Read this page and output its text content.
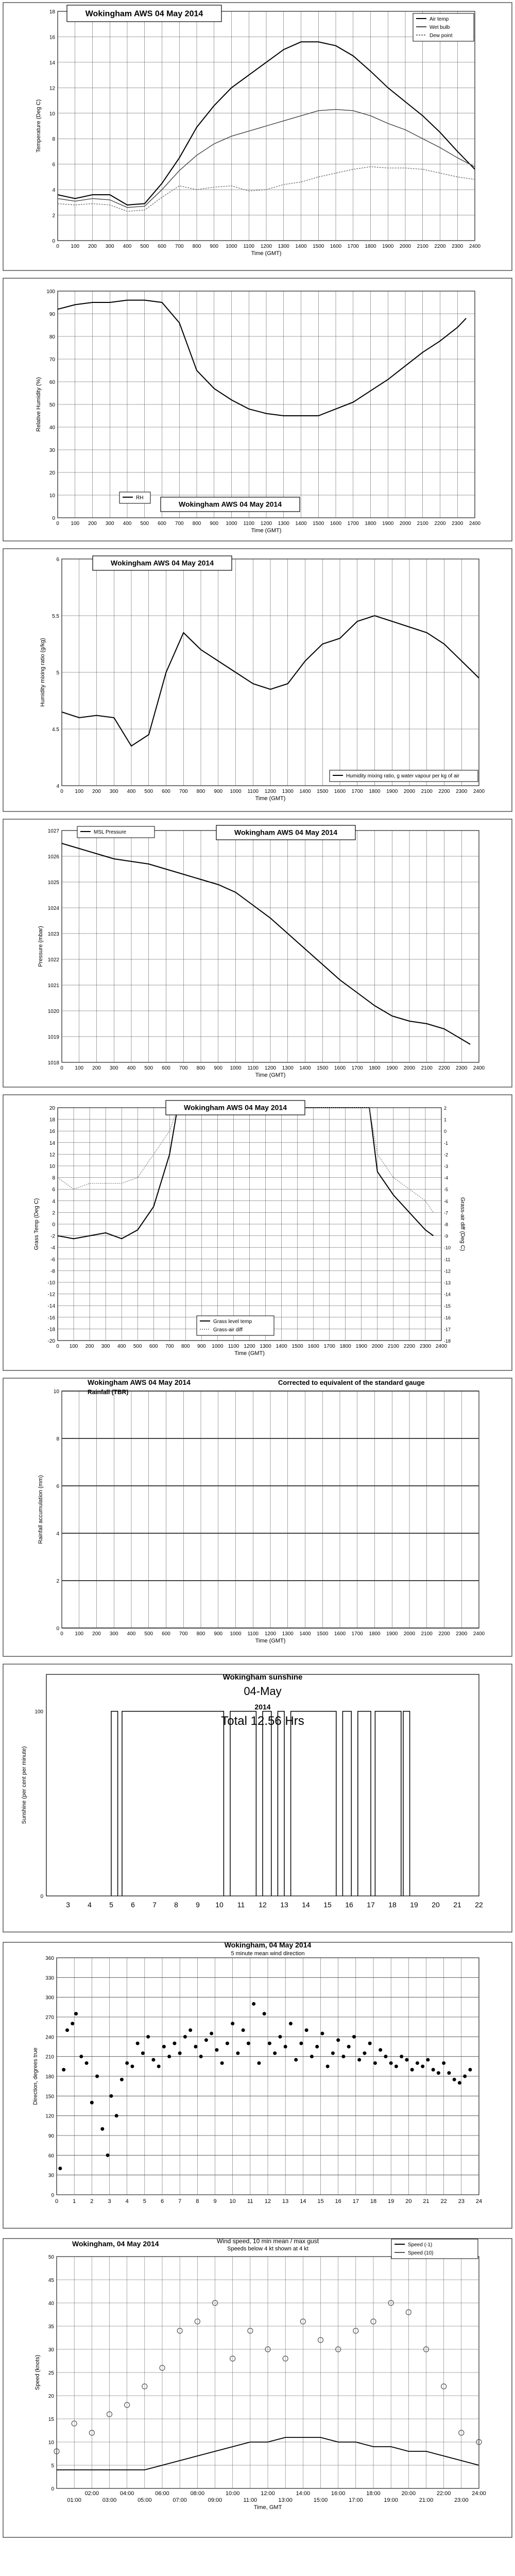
0
2
4
6
8
10
12
14
16
18
0 100 200 300 400 500 600 700 800 900 1000 1100 1200 1300 1400 1500 1600 1700 1800 1900 2000 2100 2200 2300 2400
Wokingham AWS 04 May 2014
Air temp
Wet bulb
Dew point
Time (GMT)
Temperature (Deg C)
0
10
20
30
40
50
60
70
80
90
100
0 100 200 300 400 500 600 700 800 900 1000 1100 1200 1300 1400 1500 1600 1700 1800 1900 2000 2100 2200 2300 2400
RH
Wokingham AWS 04 May 2014
Time (GMT)
Relative Humidity (%)
4
4.5
5
5.5
6
0 100 200 300 400 500 600 700 800 900 1000 1100 1200 1300 1400 1500 1600 1700 1800 1900 2000 2100 2200 2300 2400
Wokingham AWS 04 May 2014
Humidity mixing ratio, g water vapour per kg of air
Time (GMT)
Humidity mixing ratio (g/kg)
1018
1019
1020
1021
1022
1023
1024
1025
1026
1027
0 100 200 300 400 500 600 700 800 900 1000 1100 1200 1300 1400 1500 1600 1700 1800 1900 2000 2100 2200 2300 2400
MSL Pressure	Wokingham AWS 04 May 2014
Time (GMT)
Pressure (mbar)
-20
-18
-16
-14
-12
-10
-8
-6
-4
-2
0
2
4
6
8
10
12
14
16
18
20
-18
-17
-16
-15
-14
-13
-12
-11
-10
-9
-8
-7
-6
-5
-4
-3
-2
-1
0
1
2
0 100 200 300 400 500 600 700 800 900 1000 1100 1200 1300 1400 1500 1600 1700 1800 1900 2000 2100 2200 2300 2400
Wokingham AWS 04 May 2014
Grass level temp
Grass-air diff
Time (GMT)
Grass Temp (Deg C)	Grass-air diff (Deg C)
0
2
4
6
8
10
0 100 200 300 400 500 600 700 800 900 1000 1100 1200 1300 1400 1500 1600 1700 1800 1900 2000 2100 2200 2300 2400
Wokingham AWS 04 May 2014
Rainfall (TBR)
Corrected to equivalent of the standard gauge
Time (GMT)
Rainfall accumulation (mm)
0
100
3 4 5 6 7 8 9 10 11 12 13 14 15 16 17 18 19 20 21 22
Wokingham sunshine
04-May
2014
Total 12.56 Hrs
Sunshine (per cent per minute)
0
30
60
90
120
150
180
210
240
270
300
330
360
0	1	2	3	4	5	6	7	8	9 10 11 12 13 14 15 16 17 18 19 20 21 22 23 24
Wokingham, 04 May 2014
5 minute mean wind direction
Direction, degrees true
0
5
10
15
20
25
30
35
40
45
50
01:00	03:00	05:00	07:00	09:00	11:00	13:00	15:00	17:00	19:00	21:00	23:00
02:00	04:00	06:00	08:00	10:00	12:00	14:00	16:00	18:00	20:00	22:00	24:00
Wind speed, 10 min mean / max gust
Speeds below 4 kt shown at 4 kt
Wokingham, 04 May 2014	Speed (-1)
Speed (10)
Time, GMT
Speed (knots)
